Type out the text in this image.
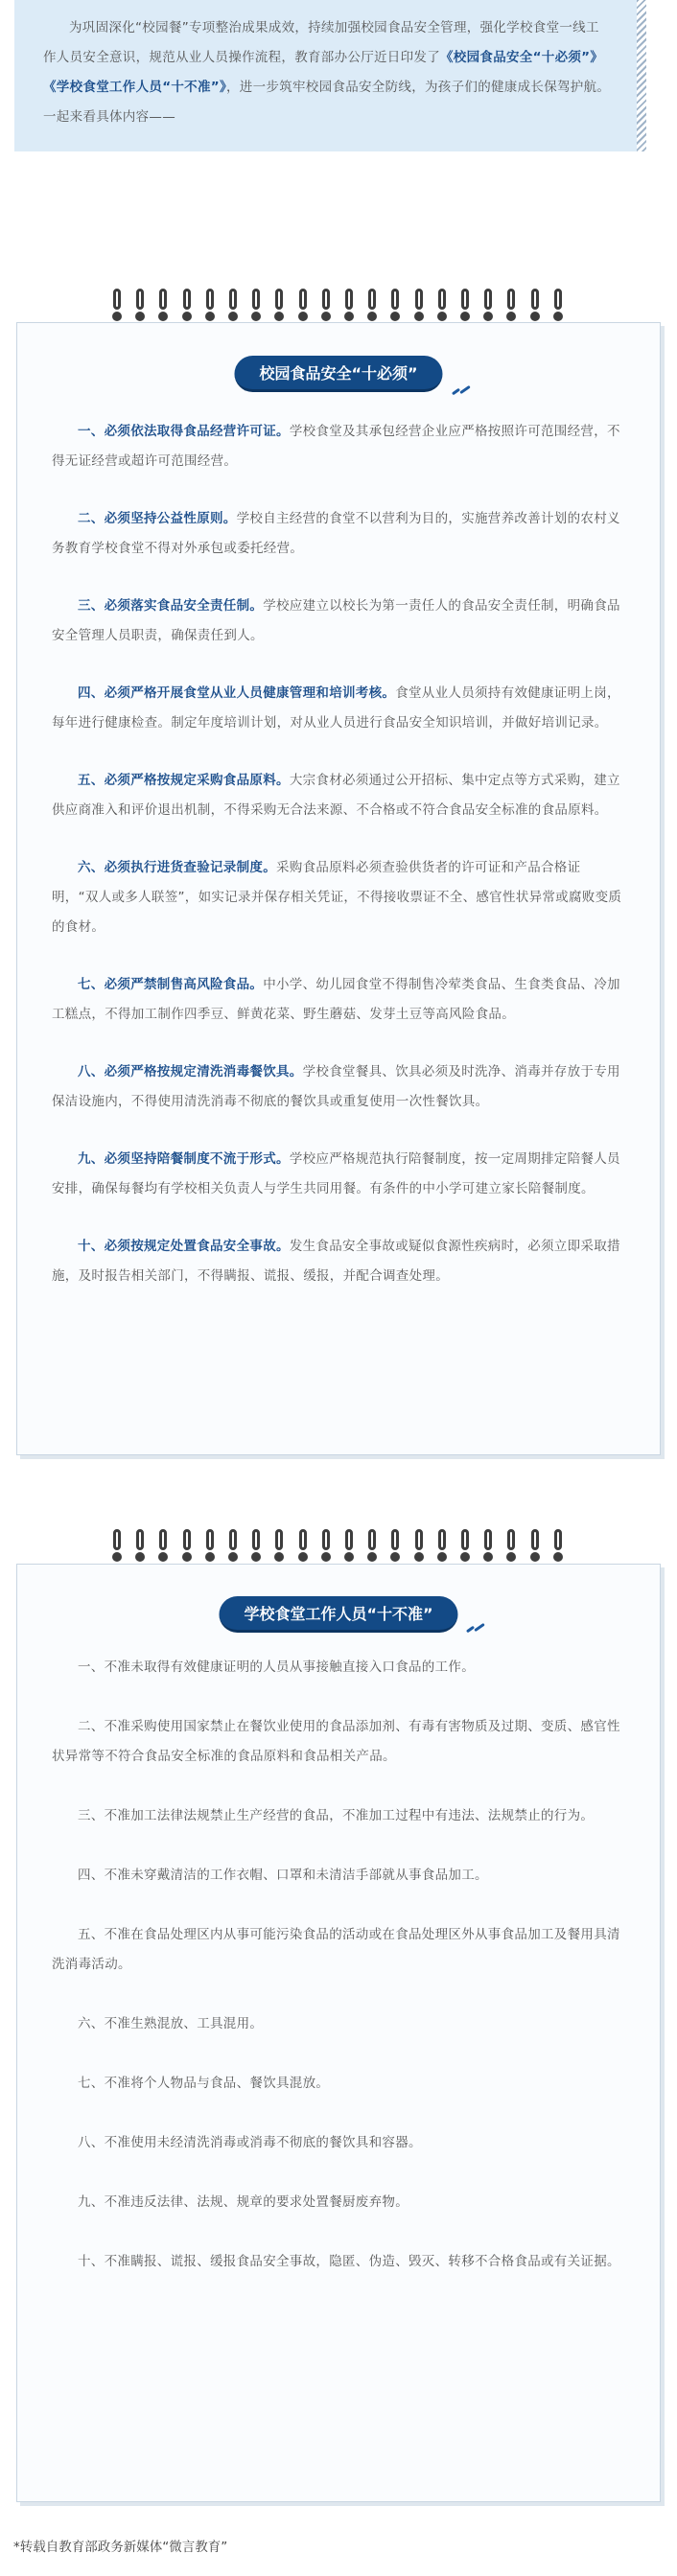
为巩固深化“校园餐”专项整治成果成效，持续加强校园食品安全管理，强化学校食堂一线工作人员安全意识，规范从业人员操作流程，教育部办公厅近日印发了《校园食品安全“十必须”》《学校食堂工作人员“十不准”》，进一步筑牢校园食品安全防线，为孩子们的健康成长保驾护航。一起来看具体内容——

校园食品安全“十必须”

一、必须依法取得食品经营许可证。学校食堂及其承包经营企业应严格按照许可范围经营，不得无证经营或超许可范围经营。

二、必须坚持公益性原则。学校自主经营的食堂不以营利为目的，实施营养改善计划的农村义务教育学校食堂不得对外承包或委托经营。

三、必须落实食品安全责任制。学校应建立以校长为第一责任人的食品安全责任制，明确食品安全管理人员职责，确保责任到人。

四、必须严格开展食堂从业人员健康管理和培训考核。食堂从业人员须持有效健康证明上岗，每年进行健康检查。制定年度培训计划，对从业人员进行食品安全知识培训，并做好培训记录。

五、必须严格按规定采购食品原料。大宗食材必须通过公开招标、集中定点等方式采购，建立供应商准入和评价退出机制，不得采购无合法来源、不合格或不符合食品安全标准的食品原料。

六、必须执行进货查验记录制度。采购食品原料必须查验供货者的许可证和产品合格证明，“双人或多人联签”，如实记录并保存相关凭证，不得接收票证不全、感官性状异常或腐败变质的食材。

七、必须严禁制售高风险食品。中小学、幼儿园食堂不得制售冷荤类食品、生食类食品、冷加工糕点，不得加工制作四季豆、鲜黄花菜、野生蘑菇、发芽土豆等高风险食品。

八、必须严格按规定清洗消毒餐饮具。学校食堂餐具、饮具必须及时洗净、消毒并存放于专用保洁设施内，不得使用清洗消毒不彻底的餐饮具或重复使用一次性餐饮具。

九、必须坚持陪餐制度不流于形式。学校应严格规范执行陪餐制度，按一定周期排定陪餐人员安排，确保每餐均有学校相关负责人与学生共同用餐。有条件的中小学可建立家长陪餐制度。

十、必须按规定处置食品安全事故。发生食品安全事故或疑似食源性疾病时，必须立即采取措施，及时报告相关部门，不得瞒报、谎报、缓报，并配合调查处理。

学校食堂工作人员“十不准”

一、不准未取得有效健康证明的人员从事接触直接入口食品的工作。

二、不准采购使用国家禁止在餐饮业使用的食品添加剂、有毒有害物质及过期、变质、感官性状异常等不符合食品安全标准的食品原料和食品相关产品。

三、不准加工法律法规禁止生产经营的食品，不准加工过程中有违法、法规禁止的行为。

四、不准未穿戴清洁的工作衣帽、口罩和未清洁手部就从事食品加工。

五、不准在食品处理区内从事可能污染食品的活动或在食品处理区外从事食品加工及餐用具清洗消毒活动。

六、不准生熟混放、工具混用。

七、不准将个人物品与食品、餐饮具混放。

八、不准使用未经清洗消毒或消毒不彻底的餐饮具和容器。

九、不准违反法律、法规、规章的要求处置餐厨废弃物。

十、不准瞒报、谎报、缓报食品安全事故，隐匿、伪造、毁灭、转移不合格食品或有关证据。

*转载自教育部政务新媒体“微言教育”
